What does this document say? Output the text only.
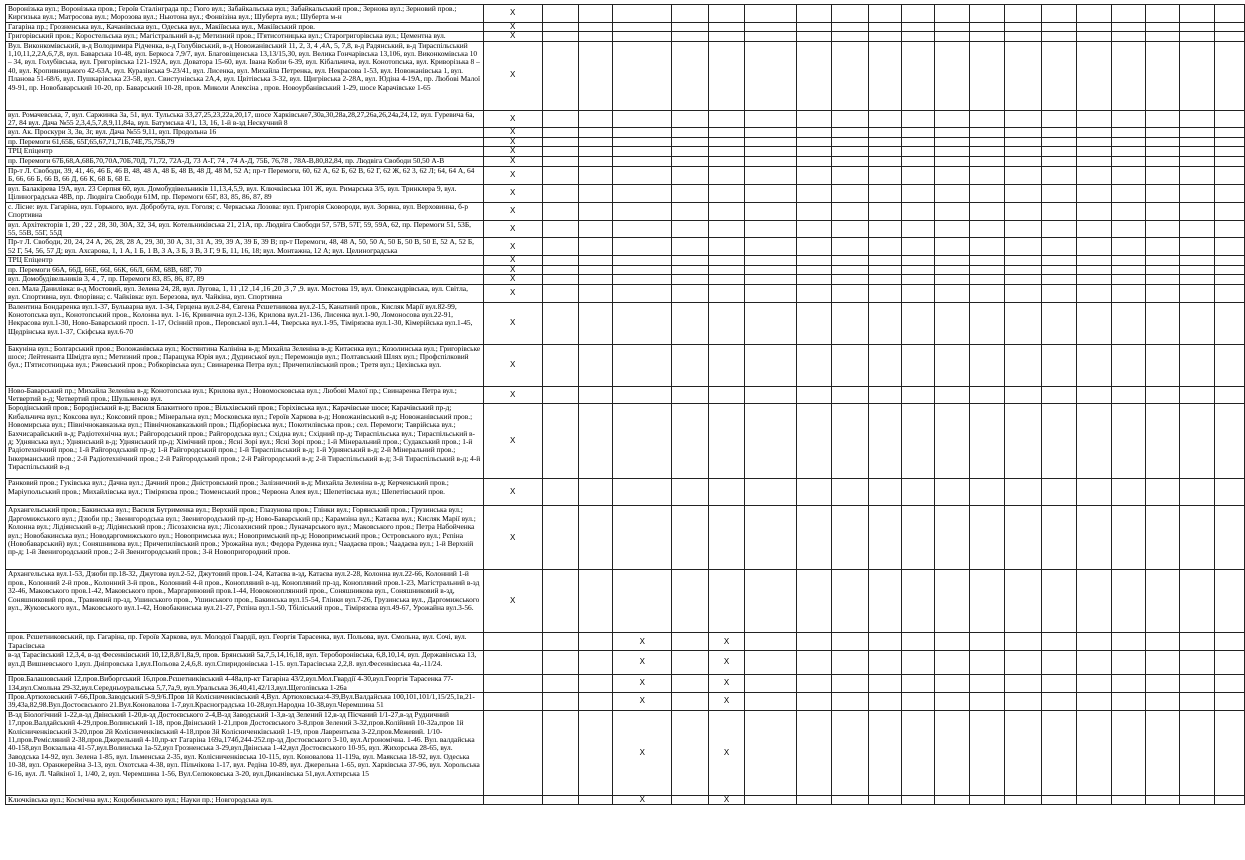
Воронізька вул.; Воронізька пров.; Героїв Сталінграда пр.; Гюго вул.; Забайкальська вул.; Забайкальський пров.; Зернова вул.; Зерновий пров.; Киргизька вул.; Матросова вул.; Морозова вул.; Ньютона вул.; Фонвізіна вул.; Шуберта вул.; Шуберта м-н	X																			
Гагаріна пр.; Грозненська вул., Качанівська вул., Одеська вул., Макіївська вул., Макіївський пров.	X																			
Григорівський пров.; Коростельська вул.; Магістральний в-д; Метизний пров.; П'ятисотницька вул.; Старогригорівська вул.; Цементна вул.	X																			
Вул. Виконкомівський, в-д Володимира Рідченка, в-д Голубівський, в-д Новожанівський 11, 2, 3, 4 ,4А, 5, 7,8, в-д Радянський, в-д Тираспільський 1,10,11,2,2А,6,7,8, вул. Баварська 10-48, вул. Беркоса 7,9/7, вул. Благовіщенська 13,13/15,30, вул. Велика Гончарівська 13,106, вул. Виконкомівська 10 – 34, вул. Голубівська, вул. Григорівська 121-192А, вул. Доватора 15-60, вул. Івана Кобзи 6-39, вул. Кібальчича, вул. Конотопська, вул. Криворізька 8 – 40, вул. Кропивницького 42-63А, вул. Куразівська 9-23/41, вул. Лисенка, вул. Михайла Петренка, вул. Некрасова 1-53, вул. Новожанівська 1, вул. Планова 51-68/6, вул. Пушкарівська 23-58, вул. Свистунівська 2А,4, вул. Цвітівська 3-32, вул. Щигрівська 2-28А, вул. Юдіна 4-19А, пр. Любові Малої 49-91, пр. Новобаварський 10-20, пр. Баварський 10-28, пров. Миколи Алексіна , пров. Новоурбанівський 1-29, шосе Карачівське 1-65	X																			
вул. Ромачевська, 7, вул. Саржинка 3а, 51, вул. Тульська 33,27,25,23,22а,20,17, шосе Харківське7,30а,30,28а,28,27,26а,26,24а,24,12, вул. Гуревича 6а, 27, 84 вул. Дача №55 2,3,4,5,7,8,9,11,84а, вул. Батумська 4/1, 13, 16, 1-й в-зд Нескучний 8	X																			
вул. Ак. Проскури 3, 3в, 3г, вул. Дача №55 9,11, вул. Продольна 16	X																			
пр. Перемоги 61,65Б, 65Г,65,67,71,71Б,74Е,75,75Б,79	X																			
ТРЦ Епіцентр	X																			
пр. Перемоги 67Б,68,А,68Б,70,70А,70Б,70Д, 71,72, 72А-Д, 73 А-Г, 74 , 74 А-Д, 75Б, 76,78 , 78А-В,80,82,84, пр. Людвіга Свободи 50,50 А-В	X																			
Пр-т Л. Свободи, 39, 41, 46, 46 Б, 46 В, 48, 48 А, 48 Б, 48 В, 48 Д, 48 М, 52 А; пр-т Перемоги, 60, 62 А, 62 Б, 62 В, 62 Г, 62 Ж, 62 3, 62 Л; 64, 64 А, 64 Б, 66, 66 Б, 66 В, 66 Д, 66 К, 68 Б, 68 Е.	X																			
вул. Балакірева 19А, вул. 23 Серпня 60, вул. Домобудівельників 11,13,4,5,9, вул. Ключківська 101 Ж, вул. Римарська 3/5, вул. Тринклера 9, вул. Цілиноградська 48В, пр. Людвіга Свободи 61М, пр. Перемоги 65Г, 83, 85, 86, 87, 89	X																			
с. Лісне: вул. Гагаріна, вул. Горького, вул. Добробута, вул. Гоголя; с. Черкаська Лозова: вул. Григорія Сковороди, вул. Зоряна, вул. Верховинна, б-р Спортивна	X																			
вул. Архітекторів 1, 20 , 22 , 28, 30, 30А, 32, 34, вул. Котельниківська 21, 21А, пр. Людвіга Свободи 57, 57В, 57Г, 59, 59А, 62, пр. Перемоги 51, 53Б, 55, 55В, 55Г, 55Д	X																			
Пр-т Л. Свободи, 20, 24, 24 А, 26, 28, 28 А, 29, 30, 30 А, 31, 31 А, 39, 39 А, 39 Б, 39 В; пр-т Перемоги, 48, 48 А, 50, 50 А, 50 Б, 50 В, 50 Е, 52 А, 52 Б, 52 Г, 54, 56, 57 Д; вул. Ахсарова, 1, 1 А, 1 Б, 1 В, 3 А, 3 Б, 3 В, 3 Г, 9 Б, 11, 16, 18; вул. Монтажна, 12 А; вул. Целиноградська	X																			
ТРЦ Епіцентр	X																			
пр. Перемоги 66А, 66Д, 66Е, 66І, 66К, 66Л, 66М, 68В, 68Г, 70	X																			
вул. Домобудівельників 3, 4 , 7, пр. Перемоги 83, 85, 86, 87, 89	X																			
сел. Мала Данилівка: в-д Мостовий, вул. Зелена 24, 28, вул. Лугова, 1, 11 ,12 ,14 ,16 ,20 ,3 ,7 ,9. вул. Мостова 19, вул. Олександрівська, вул. Світла, вул. Спортивна, вул. Флорівна; с. Чайківка: вул. Березова, вул. Чайкіна, вул. Спортивна	X																			
Валентина Бондаренка вул.1-37, Бульварна вул. 1-34, Герцена вул.2-84, Євгена Рєшетникова вул.2-15, Канатний пров., Кисляк Марії вул.82-99, Конотопська вул., Конотопський пров., Колонна вул. 1-16, Кринична вул.2-136, Крилова вул.21-136, Лисенка вул.1-90, Ломоносова вул.22-91, Некрасова вул.1-30, Ново-Баварський просп. 1-17, Осінній пров., Перовської вул.1-44, Тверська вул.1-95, Тімірязєва вул.1-30, Кімерійська вул.1-45, Щедрінська вул.1-37, Скіфська вул.6-70	X																			
Бакуніна вул.; Болгарський пров.; Воложанівська вул.; Костянтина Калініна в-д; Михайла Зеленіна в-д; Китаєнка вул.; Козолинська вул.; Григорівське шосе; Лейтенанта Шмідта вул.; Метизний пров.; Паращука Юрія вул.; Дудинської вул.; Переможців вул.; Полтавський Шлях вул.; Профспілковий бул.; П'ятисотницька вул.; Ржевський пров.; Робкорівська вул.; Свинаренка Петра вул.; Причепилівський пров.; Третя вул.; Цехівська вул.	X																			
Ново-Баварський пр.; Михайла Зеленіна в-д; Конотопська вул.; Крилова вул.; Новомосковська вул.; Любові Малої пр.; Свинаренка Петра вул.; Четвертий в-д; Четвертий пров.; Шульженко вул.	X																			
Бородінський пров.; Бородінський в-д; Василя Блакитного пров.; Вільхівський пров.; Горіхівська вул.; Карачівське шосе; Карачівський пр-д; Кибальчича вул.; Коксова вул.; Коксовий пров.; Мінеральна вул.; Московська вул.; Героїв Харкова в-д; Новожанівський в-д; Новожанівський пров.; Новомирська вул.; Північнокавказька вул.; Північнокавказький пров.; Підборівська вул.; Покотилівська пров.; сел. Перемоги; Таврійська вул.; Бахчисарайський в-д; Радіотехнічна вул.; Райгородський пров.; Райгородська вул.; Східна вул.; Східний пр-д; Тираспільська вул.; Тираспільський в-д; Уднянська вул.; Уднянський в-д; Уднянський пр-д; Хімічний пров.; Ясні Зорі вул.; Ясні Зорі пров.; 1-й Мінеральний пров.; Судакський пров.; 1-й Радіотехнічний пров.; 1-й Райгородський пр-д; 1-й Райгородський пров.; 1-й Тираспільський в-д; 1-й Уднянський в-д; 2-й Мінеральний пров.; Інкерманський пров.; 2-й Радіотехнічний пров.; 2-й Райгородський пров.; 2-й Райгородський в-д; 2-й Тираспільський в-д; 3-й Тираспільський в-д; 4-й Тираспільський в-д	X																			
Ранковий пров.; Гуківська вул.; Дачна вул.; Дачний пров.; Дністровський пров.; Залізничний в-д; Михайла Зеленіна в-д; Керченський пров.; Маріупольський пров.; Михайлівська вул.; Тімірязєва пров.; Тюменський пров.; Червона Алея вул.; Шепетівська вул.; Шепетівський пров.	X																			
Архангельський пров.; Бакинська вул.; Василя Бутрименка вул.; Верхній пров.; Глазунова пров.; Глінки вул.; Горянський пров.; Грузинська вул.; Даргомижського вул.; Дзюби пр.; Звенигородська вул.; Звенигородський пр-д; Ново-Баварський пр.; Карамзіна вул.; Катаєва вул.; Кисляк Марії вул.; Колонна вул.; Лідіянський в-д; Лідіянський пров.; Лісозахисна вул.; Лісозахисний пров.; Луначарського вул.; Маковського пров.; Петра Набойченка вул.; Новобакинська вул.; Новодаргомижського вул.; Новопримська вул.; Новопримський пр-д; Новопримський пров.; Островського вул.; Рєпіна (Новобаварський) вул.; Соняшникова вул.; Причепилівський пров.; Урожайна вул.; Федора Руденка вул.; Чаадаєва пров.; Чаадаєва вул.; 1-й Верхній пр-д; 1-й Звенигородський пров.; 2-й Звенигородський пров.; 3-й Новопригородний пров.	X																			
Архангельська вул.1-53, Дзюби пр.18-32, Джутова вул.2-52, Джутовий пров.1-24, Катаєва в-зд, Катаєва вул.2-28, Колонна вул.22-66, Колонний 1-й пров., Колонний 2-й пров., Колонний 3-й пров., Колонний 4-й пров., Конопляний в-зд, Конопляний пр-зд, Конопляний пров.1-23, Магістральний в-зд 32-46, Маковського пров.1-42, Маковського пров., Маргариновий пров.1-44, Новоконоплянний пров., Соняшникова вул., Соняшниковий в-зд, Соняшниковий пров., Травневий пр-зд, Ушинського пров., Ушинського пров., Бакинська вул.15-54, Глінки вул.7-26, Грузинська вул., Даргомижського вул., Жуковського вул., Маковського вул.1-42, Новобакинська вул.21-27, Рєпіна вул.1-50, Тбіліський пров., Тімірязєва вул.49-67, Урожайна вул.3-56.	X																			
пров. Рєшетниковський, пр. Гагаріна, пр. Героїв Харкова, вул. Молодої Гвардії, вул. Георгія Тарасенка, вул. Польова, вул. Смольна, вул. Сочі, вул. Тарасівська				X		X														
в-зд Тарасівський 12,3,4, в-зд Фесенківський 10,12,8,8/1,8а,9, пров. Брянський 5а,7,5,14,16,18, вул. Тероборонівська, 6,8,10,14, вул. Державінська 13, вул.Д Вишневського 1,вул. Дніпровська 1,вул.Польова 2,4,6,8. вул.Спиридонівська 1-15. вул.Тарасівська 2,2,8. вул.Фесенківська 4а,-11/24.				X		X														
Пров.Балашовський 12,пров.Виборгський 16,пров.Рєшетниківський 4-48а,пр-кт Гагаріна 43/2,вул.Мол.Гвардії 4-30,вул.Георгія Тарасенка 77-134,вул.Смольна 29-32,вул.Середньоуральська 5,7,7а,9, вул.Уральська 36,40,41,42/13,вул.Щеголівська 1-26а				X		X														
Пров.Артюховський 7-66,Пров.Заводський 5-9,9/6.Пров 1й Колісниченківський 4,Вул. Артюховська:4-39,Вул.Валдайська 100,101,101/1,15/25,1в,21-39,43а,82,98.Вул.Достоєвського 21.Вул.Коновалова 1-7,вул.Красноградська 10-28,вул.Народна 10-38,вул.Черемшина 51				X		X														
В-зд Біологічний 1-22,в-зд Двінський 1-20,в-зд Достоєвського 2-4,В-зд Заводський 1-3,в-зд Зелений 12,в-зд Пісчаний 1/1-27,в-зд Рудничний 17,пров.Валдайський 4-29,пров.Волинський 1-18, пров.Двінський 1-21,пров Достоєвського 3-8,пров Зелений 3-32,пров.Колійний 10-32а,пров 1й Колісниченківський 3-20,пров 2й Колісниченківський 4-18,пров 3й Колісниченківський 1-19, пров Лаврентьєва 3-22,пров.Межевий. 1/10-11,пров.Ремісляний 2-38,пров.Джерельний 4-10,пр-кт Гагаріна 169а,174б,244-252.пр-зд Достоєвського 3-10, вул.Агрономічна. 1-46. Вул. валдайська 40-158,вул Вокзальна 41-57,вул.Волинська 1а-52,вул Грозненська 3-29,вул.Двінська 1-42,вул Достоєвського 10-95, вул. Жихорська 28-65, вул. Заводська 14-92, вул. Зелена 1-85, вул. Ільменська 2-35, вул. Колісниченківська 10-115, вул. Коновалова 11-119а, вул. Маякська 18-92, вул. Одеська 10-38, вул. Оранжерейна 3-13, вул. Охотська 4-38, вул. Пільчікова 1-17, вул. Редіна 10-89, вул. Джерельна 1-65, вул. Харківська 37-96, вул. Хорольська 6-16, вул. Л. Чайкіної 1, 1/40, 2, вул. Черемшина 1-56, Вул.Селюковська 3-20, вул.Диканівська 51,вул.Ахтирська 15				X		X														
Ключківська вул.; Космічна вул.; Коцюбинського вул.; Науки пр.; Новгородська вул.				X		X														
